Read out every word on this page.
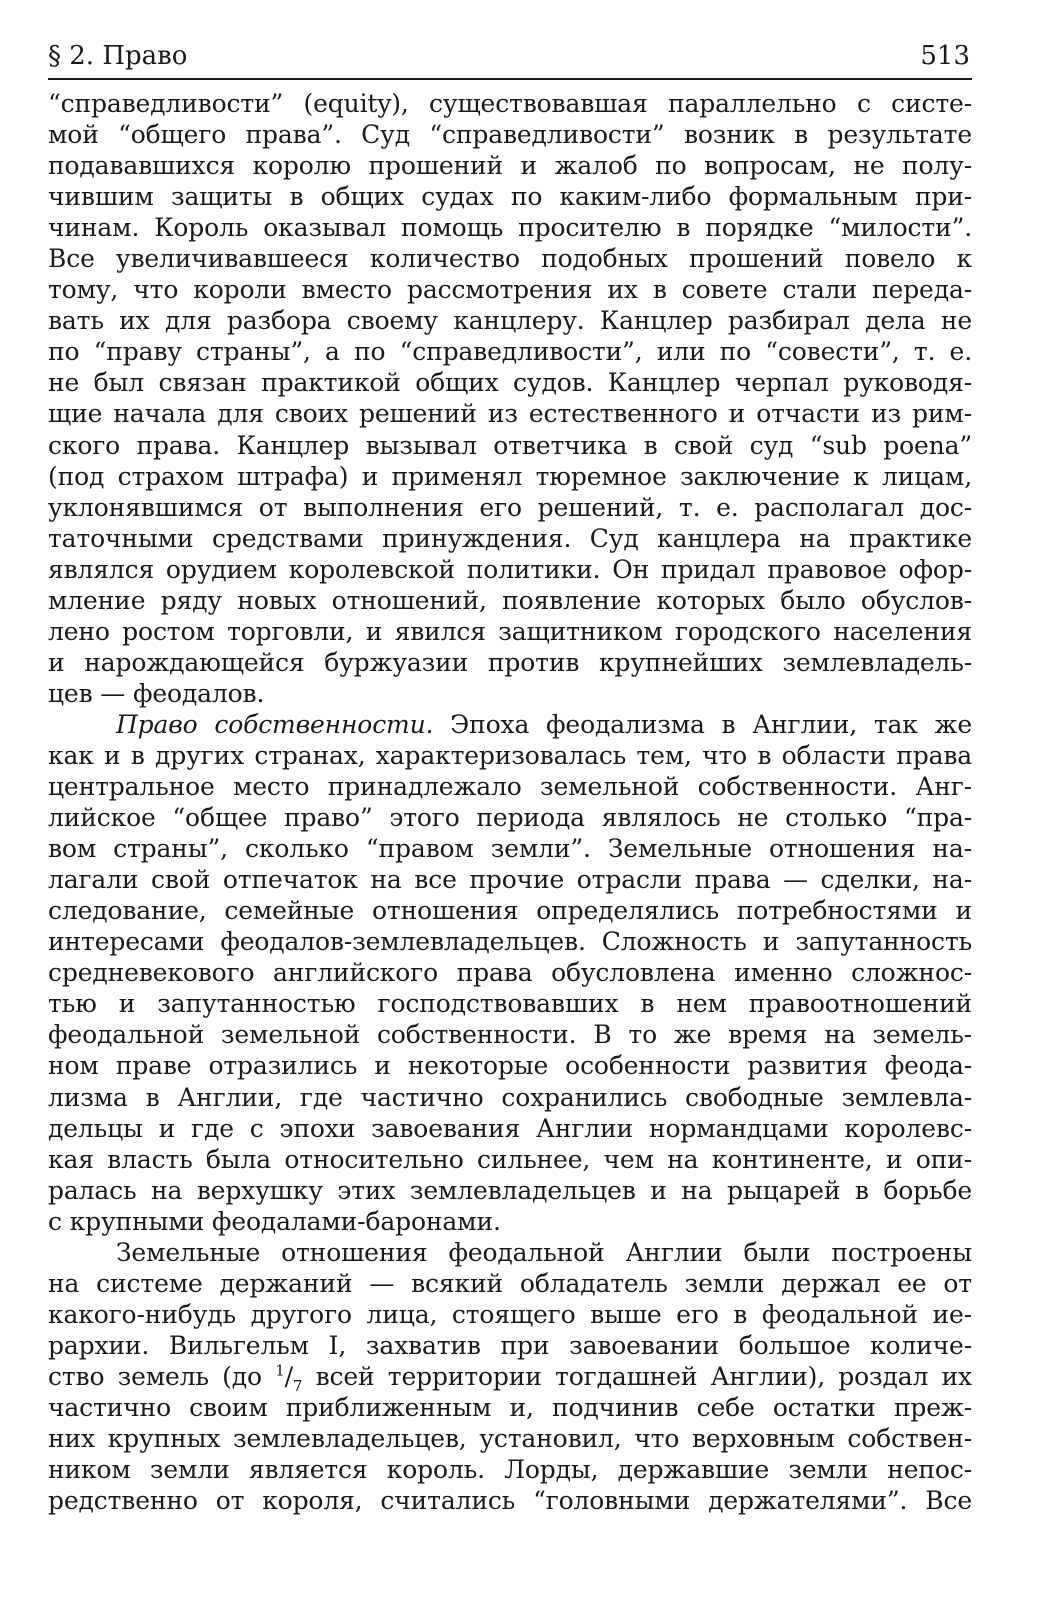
§ 2. Право	513
“справедливости” (equity), существовавшая параллельно с систе-
мой “общего права”. Суд “справедливости” возник в результате
подававшихся королю прошений и жалоб по вопросам, не полу-
чившим защиты в общих судах по каким-либо формальным при-
чинам. Король оказывал помощь просителю в порядке “милости”.
Все увеличивавшееся количество подобных прошений повело к
тому, что короли вместо рассмотрения их в совете стали переда-
вать их для разбора своему канцлеру. Канцлер разбирал дела не
по “праву страны”, а по “справедливости”, или по “совести”, т. е.
не был связан практикой общих судов. Канцлер черпал руководя-
щие начала для своих решений из естественного и отчасти из рим-
ского права. Канцлер вызывал ответчика в свой суд “sub poena”
(под страхом штрафа) и применял тюремное заключение к лицам,
уклонявшимся от выполнения его решений, т. е. располагал дос-
таточными средствами принуждения. Суд канцлера на практике
являлся орудием королевской политики. Он придал правовое офор-
мление ряду новых отношений, появление которых было обуслов-
лено ростом торговли, и явился защитником городского населения
и нарождающейся буржуазии против крупнейших землевладель-
цев — феодалов.
Право собственности. Эпоха феодализма в Англии, так же
как и в других странах, характеризовалась тем, что в области права
центральное место принадлежало земельной собственности. Анг-
лийское “общее право” этого периода являлось не столько “пра-
вом страны”, сколько “правом земли”. Земельные отношения на-
лагали свой отпечаток на все прочие отрасли права — сделки, на-
следование, семейные отношения определялись потребностями и
интересами феодалов-землевладельцев. Сложность и запутанность
средневекового английского права обусловлена именно сложнос-
тью и запутанностью господствовавших в нем правоотношений
феодальной земельной собственности. В то же время на земель-
ном праве отразились и некоторые особенности развития феода-
лизма в Англии, где частично сохранились свободные землевла-
дельцы и где с эпохи завоевания Англии нормандцами королевс-
кая власть была относительно сильнее, чем на континенте, и опи-
ралась на верхушку этих землевладельцев и на рыцарей в борьбе
с крупными феодалами-баронами.
Земельные отношения феодальной Англии были построены
на системе держаний — всякий обладатель земли держал ее от
какого-нибудь другого лица, стоящего выше его в феодальной ие-
рархии. Вильгельм I, захватив при завоевании большое количе-
ство земель (до $^1/_7$ всей территории тогдашней Англии), роздал их
частично своим приближенным и, подчинив себе остатки преж-
них крупных землевладельцев, установил, что верховным собствен-
ником земли является король. Лорды, державшие земли непос-
редственно от короля, считались “головными держателями”. Все
